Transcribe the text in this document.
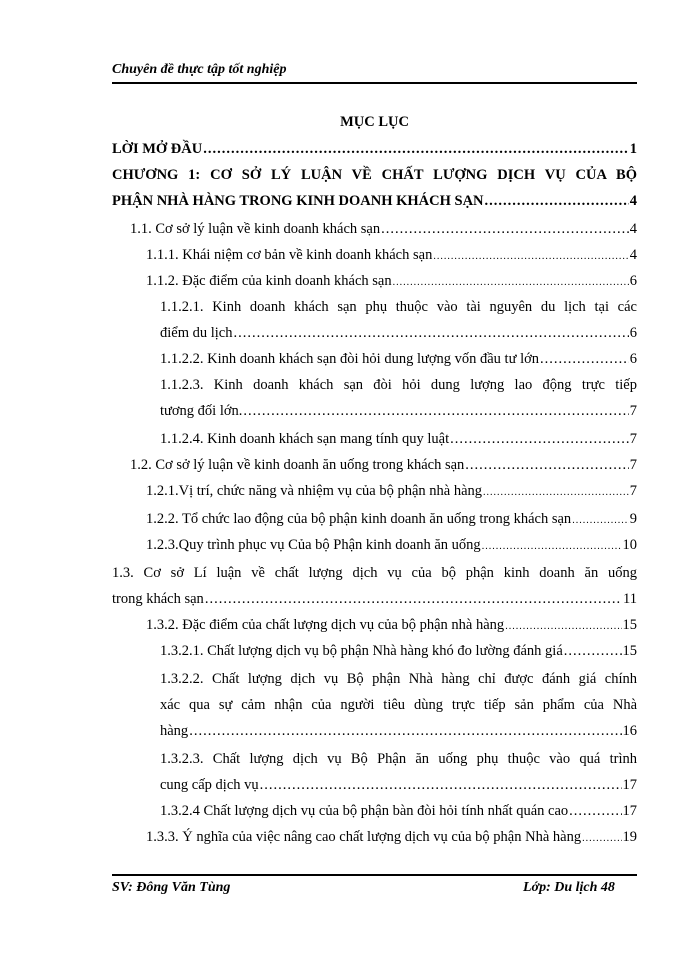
Chuyên đề thực tập tốt nghiệp
MỤC LỤC
LỜI MỞ ĐẦU .....	1
CHƯƠNG 1: CƠ SỞ LÝ LUẬN VỀ CHẤT LƯỢNG DỊCH VỤ CỦA BỘ
PHẬN NHÀ HÀNG TRONG KINH DOANH KHÁCH SẠN .....	4
1.1. Cơ sở lý luận về kinh doanh khách sạn .....	4
1.1.1. Khái niệm cơ bản về kinh doanh khách sạn .....	4
1.1.2. Đặc điểm của kinh doanh khách sạn .....	6
1.1.2.1. Kinh doanh khách sạn phụ thuộc vào tài nguyên du lịch tại các
điểm du lịch .....	6
1.1.2.2. Kinh doanh khách sạn đòi hỏi dung lượng vốn đầu tư lớn .....	6
1.1.2.3. Kinh doanh khách sạn đòi hỏi dung lượng lao động trực tiếp
tương đối lớn. .....	7
1.1.2.4. Kinh doanh khách sạn mang tính quy luật .....	7
1.2. Cơ sở lý luận về kinh doanh ăn uống trong khách sạn .....	7
1.2.1.Vị trí, chức năng và nhiệm vụ của bộ phận nhà hàng .....	7
1.2.2. Tổ chức lao động của bộ phận kinh doanh ăn uống trong khách sạn .....	9
1.2.3.Quy trình phục vụ Của bộ Phận kinh doanh ăn uống .....	10
1.3. Cơ sở Lí luận về chất lượng dịch vụ của bộ phận kinh doanh ăn uống
trong khách sạn .....	11
1.3.2. Đặc điểm của chất lượng dịch vụ của bộ phận nhà hàng .....	15
1.3.2.1. Chất lượng dịch vụ bộ phận Nhà hàng khó đo lường đánh giá .....	15
1.3.2.2. Chất lượng dịch vụ Bộ phận Nhà hàng chỉ được đánh giá chính
xác qua sự cảm nhận của người tiêu dùng trực tiếp sản phẩm của Nhà
hàng .....	16
1.3.2.3. Chất lượng dịch vụ Bộ Phận ăn uống phụ thuộc vào quá trình
cung cấp dịch vụ .....	17
1.3.2.4 Chất lượng dịch vụ của bộ phận bàn đòi hỏi tính nhất quán cao .....	17
1.3.3. Ý nghĩa của việc nâng cao chất lượng dịch vụ của bộ phận Nhà hàng .....	19
SV: Đông Văn Tùng	Lớp: Du lịch 48
